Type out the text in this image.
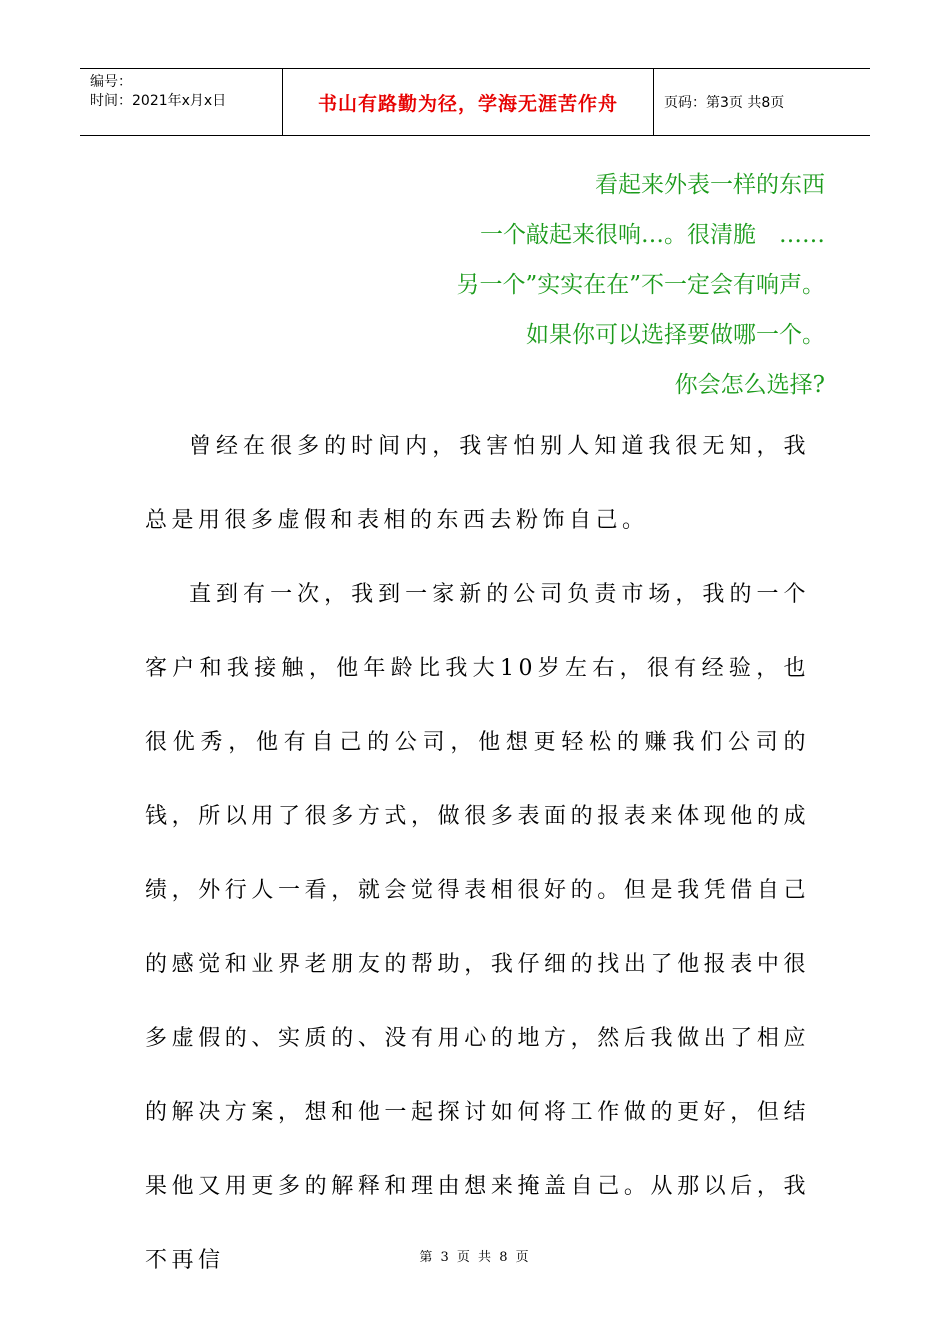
编号：
时间：2021年x月x日	书山有路勤为径，学海无涯苦作舟	页码：第3页 共8页
看起来外表一样的东西
一个敲起来很响…。很清脆　……
另一个”实实在在”不一定会有响声。
如果你可以选择要做哪一个。
你会怎么选择?

曾经在很多的时间内，我害怕别人知道我很无知，我总是用很多虚假和表相的东西去粉饰自己。

直到有一次，我到一家新的公司负责市场，我的一个客户和我接触，他年龄比我大10岁左右，很有经验，也很优秀，他有自己的公司，他想更轻松的赚我们公司的钱，所以用了很多方式，做很多表面的报表来体现他的成绩，外行人一看，就会觉得表相很好的。但是我凭借自己的感觉和业界老朋友的帮助，我仔细的找出了他报表中很多虚假的、实质的、没有用心的地方，然后我做出了相应的解决方案，想和他一起探讨如何将工作做的更好，但结果他又用更多的解释和理由想来掩盖自己。从那以后，我不再信	第 3 页 共 8 页
